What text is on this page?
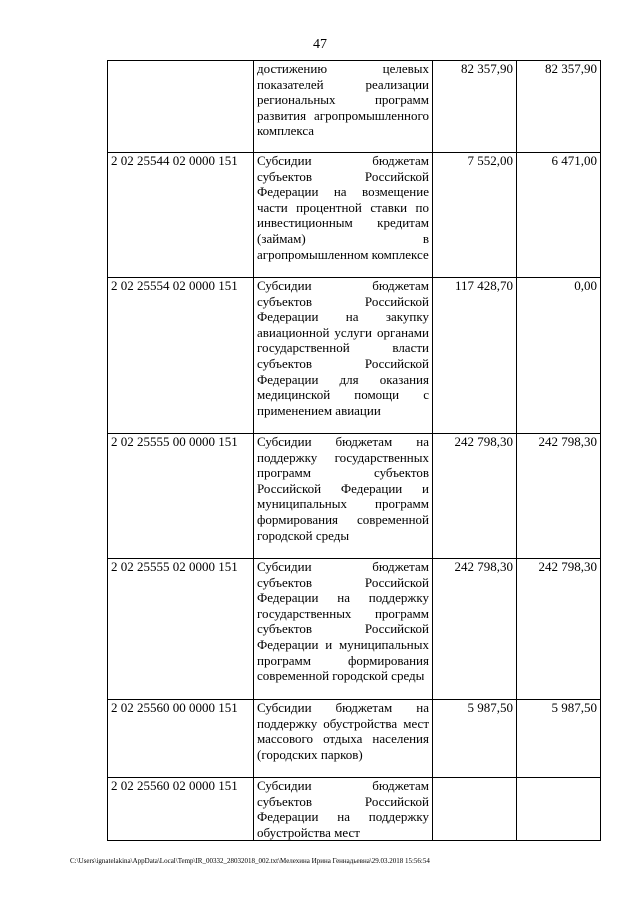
47
	достижению целевых показателей реализации региональных программ развития агропромышленного комплекса	82 357,90	82 357,90
2 02 25544 02 0000 151	Субсидии бюджетам субъектов Российской Федерации на возмещение части процентной ставки по инвестиционным кредитам (займам) в агропромышленном комплексе	7 552,00	6 471,00
2 02 25554 02 0000 151	Субсидии бюджетам субъектов Российской Федерации на закупку авиационной услуги органами государственной власти субъектов Российской Федерации для оказания медицинской помощи с применением авиации	117 428,70	0,00
2 02 25555 00 0000 151	Субсидии бюджетам на поддержку государственных программ субъектов Российской Федерации и муниципальных программ формирования современной городской среды	242 798,30	242 798,30
2 02 25555 02 0000 151	Субсидии бюджетам субъектов Российской Федерации на поддержку государственных программ субъектов Российской Федерации и муниципальных программ формирования современной городской среды	242 798,30	242 798,30
2 02 25560 00 0000 151	Субсидии бюджетам на поддержку обустройства мест массового отдыха населения (городских парков)	5 987,50	5 987,50
2 02 25560 02 0000 151	Субсидии бюджетам субъектов Российской Федерации на поддержку обустройства мест		
C:\Users\ignatelakina\AppData\Local\Temp\IR_00332_28032018_002.txt\Мелехина Ирина Геннадьевна\29.03.2018 15:56:54
